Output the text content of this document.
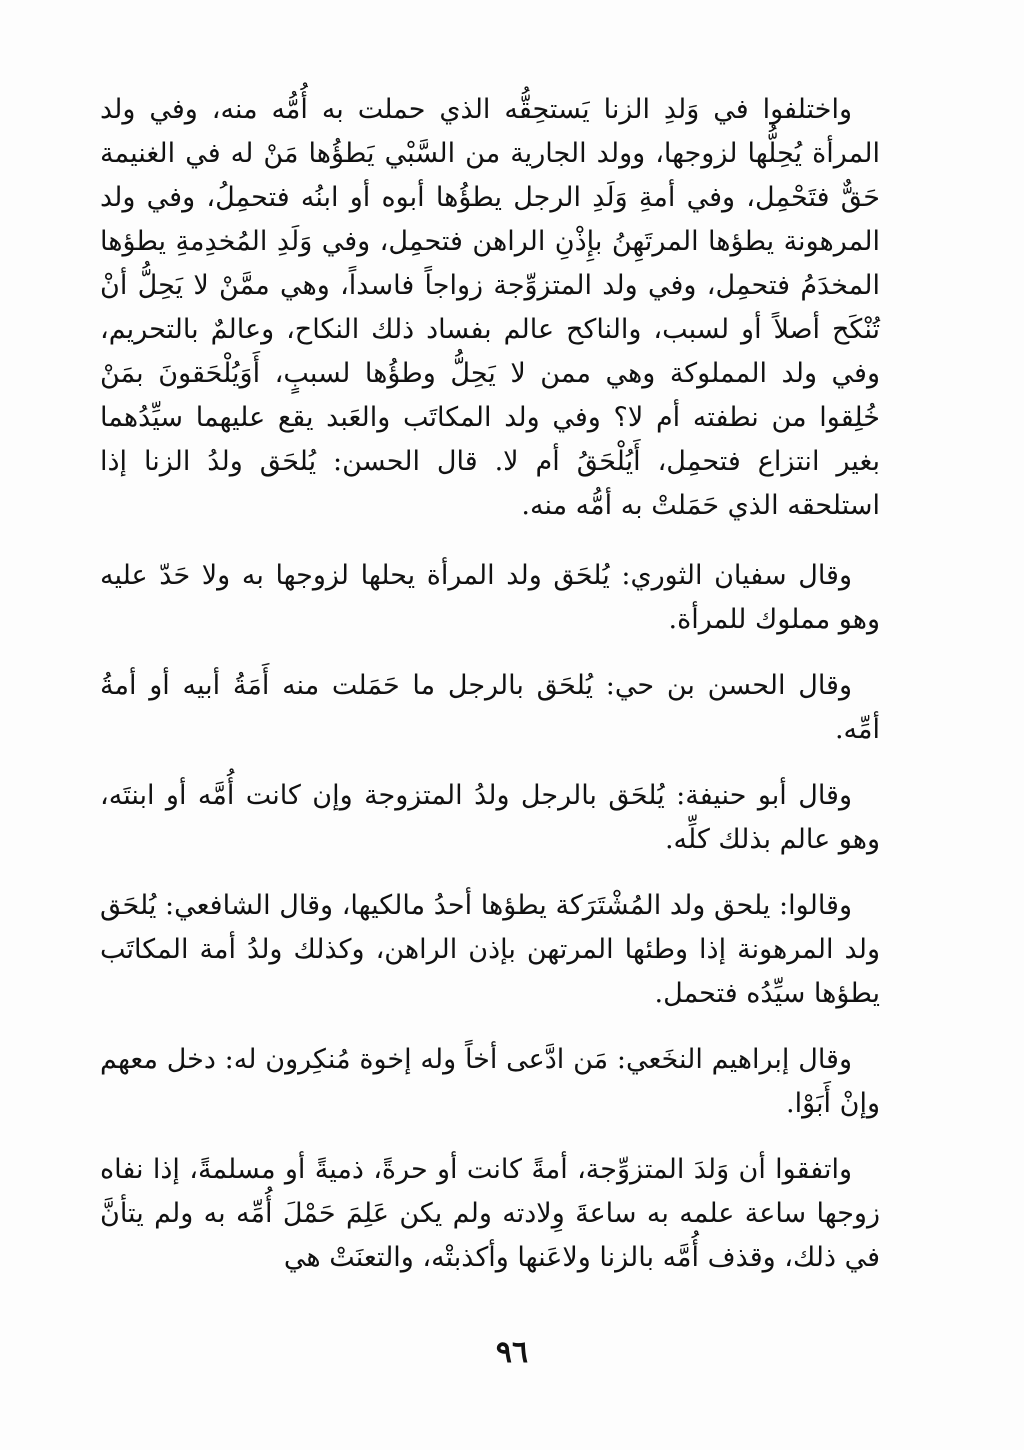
واختلفوا في وَلدِ الزنا يَستحِقُّه الذي حملت به أُمُّه منه، وفي ولد المرأة يُحِلُّها لزوجها، وولد الجارية من السَّبْي يَطؤُها مَنْ له في الغنيمة حَقٌّ فتَحْمِل، وفي أمةِ وَلَدِ الرجل يطؤُها أبوه أو ابنُه فتحمِلُ، وفي ولد المرهونة يطؤها المرتَهِنُ بإِذْنِ الراهن فتحمِل، وفي وَلَدِ المُخدِمةِ يطؤها المخدَمُ فتحمِل، وفي ولد المتزوِّجة زواجاً فاسداً، وهي ممَّنْ لا يَحِلُّ أنْ تُنْكَح أصلاً أو لسبب، والناكح عالم بفساد ذلك النكاح، وعالمٌ بالتحريم، وفي ولد المملوكة وهي ممن لا يَحِلُّ وطؤُها لسببٍ، أَوَيُلْحَقونَ بمَنْ خُلِقوا من نطفته أم لا؟ وفي ولد المكاتَب والعَبد يقع عليهما سيِّدُهما بغير انتزاع فتحمِل، أَيُلْحَقُ أم لا. قال الحسن: يُلحَق ولدُ الزنا إذا استلحقه الذي حَمَلتْ به أمُّه منه.

وقال سفيان الثوري: يُلحَق ولد المرأة يحلها لزوجها به ولا حَدّ عليه وهو مملوك للمرأة.

وقال الحسن بن حي: يُلحَق بالرجل ما حَمَلت منه أَمَةُ أبيه أو أمةُ أمِّه.

وقال أبو حنيفة: يُلحَق بالرجل ولدُ المتزوجة وإن كانت أُمَّه أو ابنتَه، وهو عالم بذلك كلِّه.

وقالوا: يلحق ولد المُشْتَرَكة يطؤها أحدُ مالكيها، وقال الشافعي: يُلحَق ولد المرهونة إذا وطئها المرتهن بإذن الراهن، وكذلك ولدُ أمة المكاتَب يطؤها سيِّدُه فتحمل.

وقال إبراهيم النخَعي: مَن ادَّعى أخاً وله إخوة مُنكِرون له: دخل معهم وإنْ أَبَوْا.

واتفقوا أن وَلدَ المتزوِّجة، أمةً كانت أو حرةً، ذميةً أو مسلمةً، إذا نفاه زوجها ساعة علمه به ساعةَ وِلادته ولم يكن عَلِمَ حَمْلَ أُمِّه به ولم يتأنَّ في ذلك، وقذف أُمَّه بالزنا ولاعَنها وأكذبتْه، والتعنَتْ هي

٩٦
